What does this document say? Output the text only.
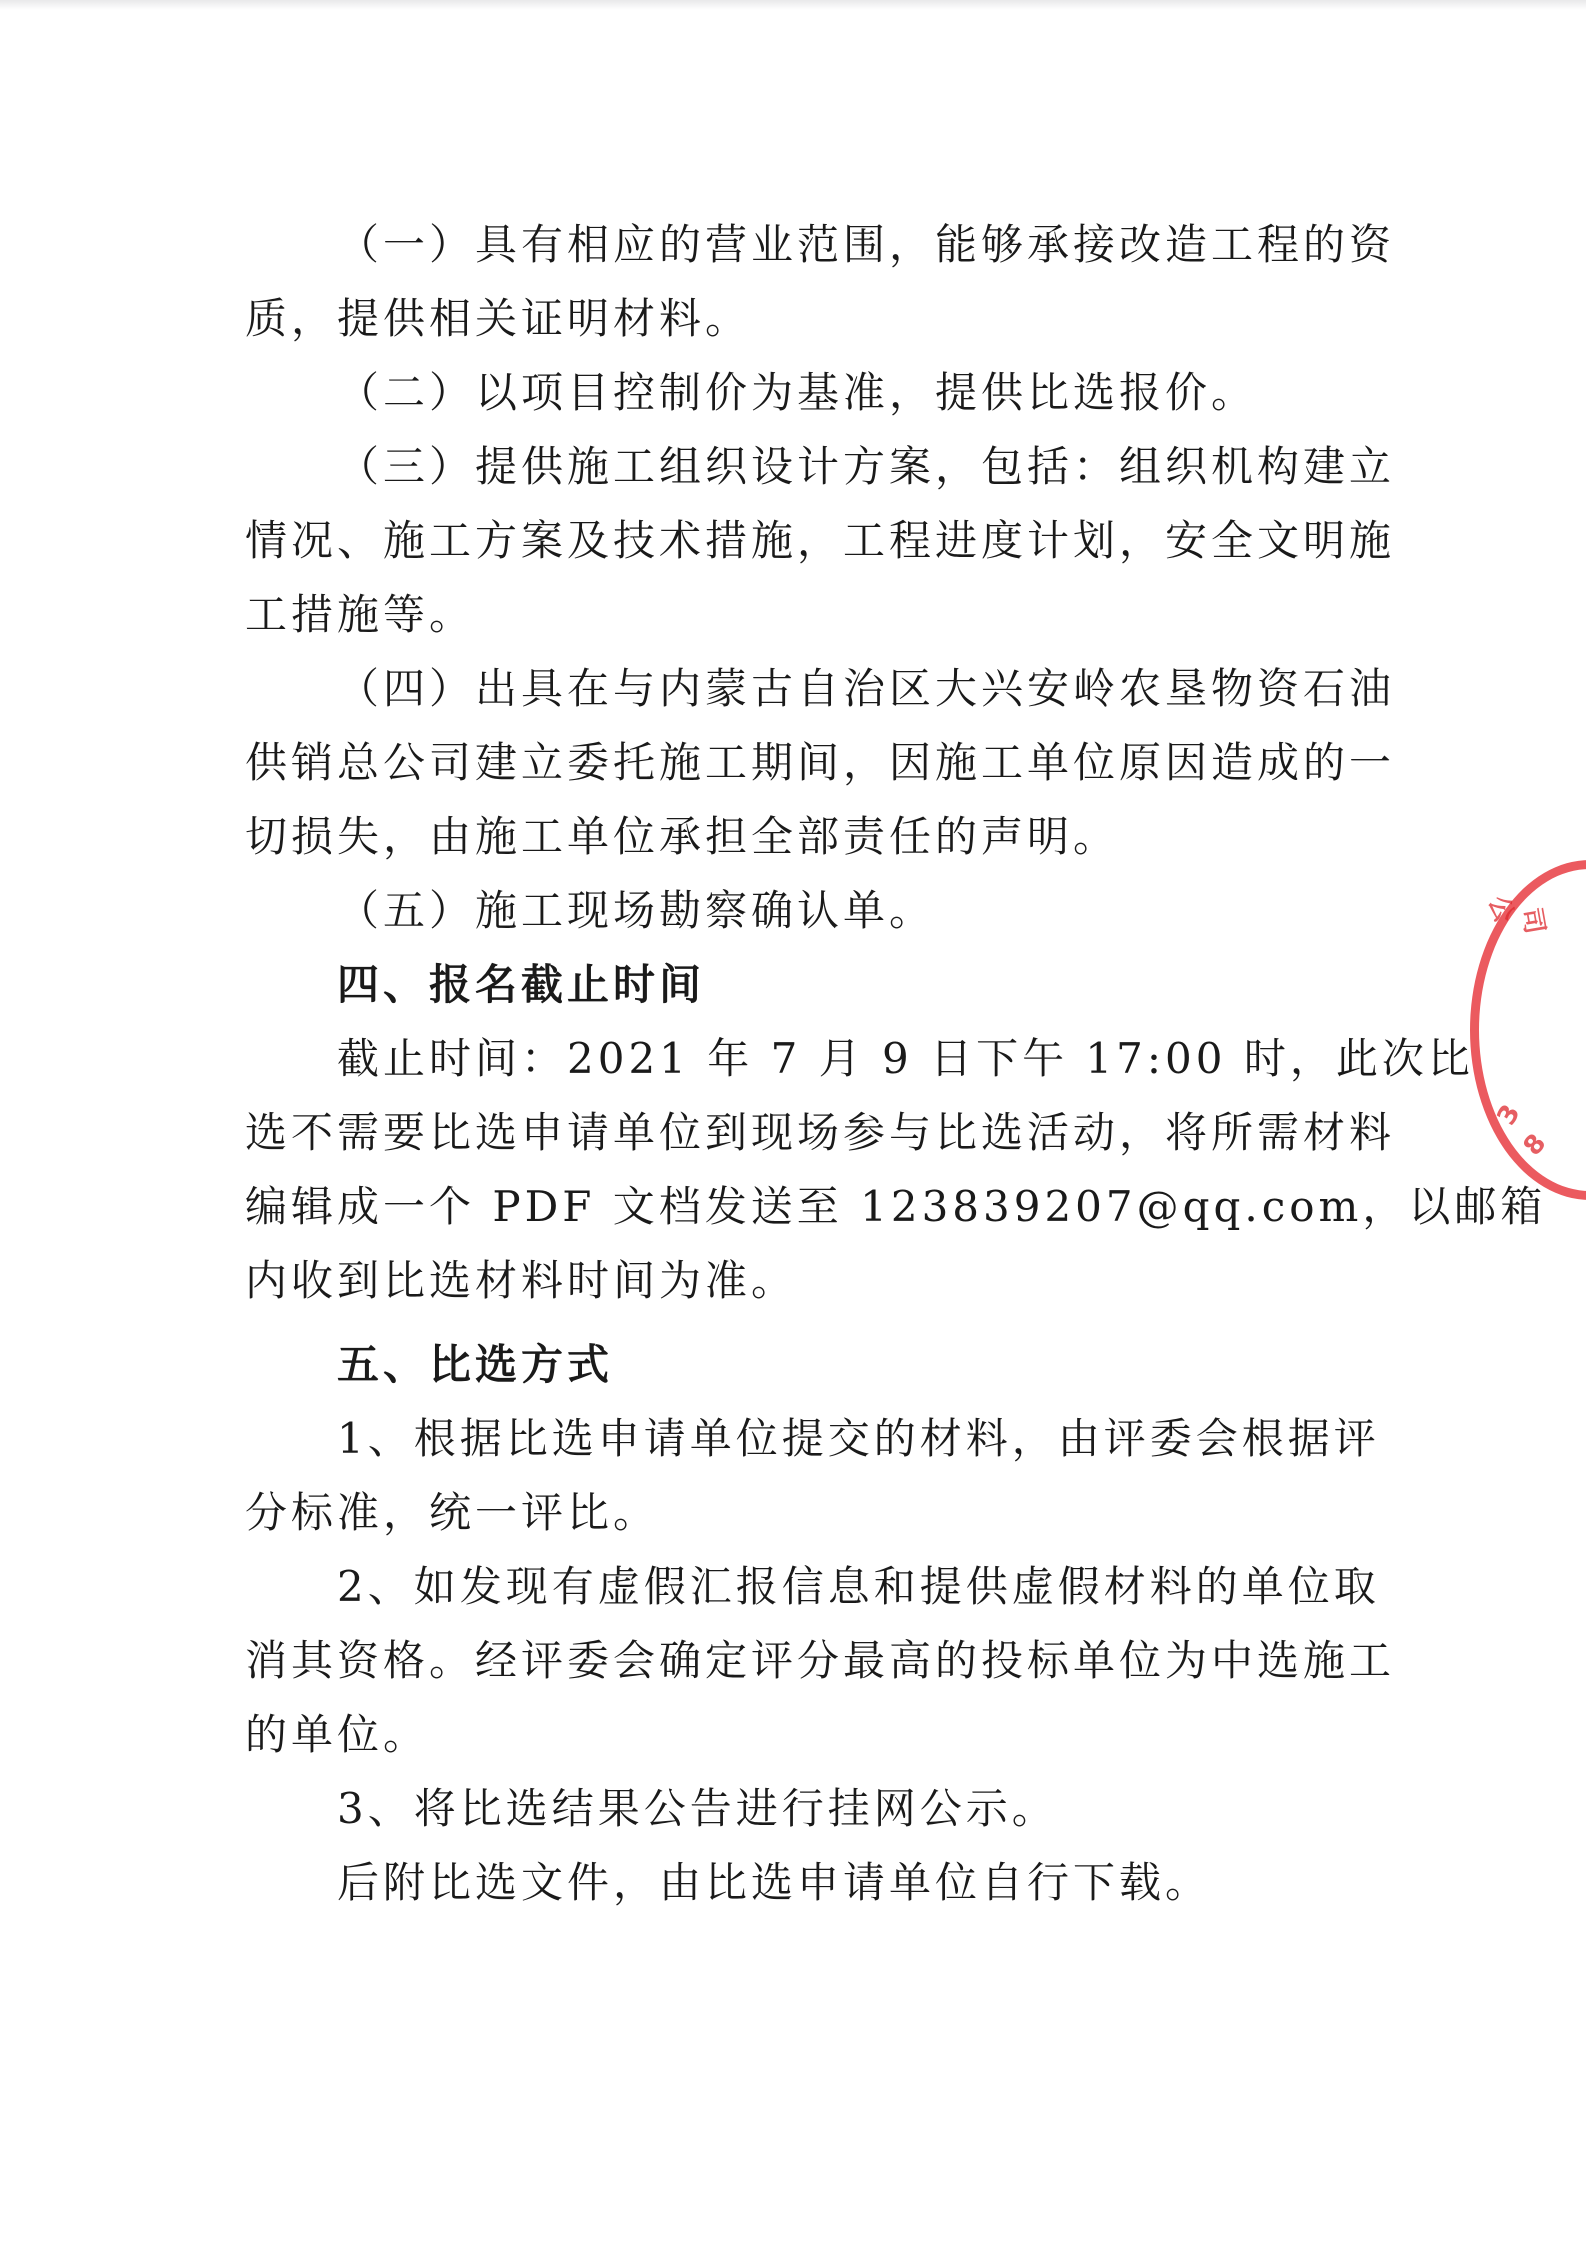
（一）具有相应的营业范围，能够承接改造工程的资

质，提供相关证明材料。

（二）以项目控制价为基准，提供比选报价。

（三）提供施工组织设计方案，包括：组织机构建立

情况、施工方案及技术措施，工程进度计划，安全文明施

工措施等。

（四）出具在与内蒙古自治区大兴安岭农垦物资石油

供销总公司建立委托施工期间，因施工单位原因造成的一

切损失，由施工单位承担全部责任的声明。

（五）施工现场勘察确认单。

四、报名截止时间

截止时间：2021 年 7 月 9 日下午 17:00 时，此次比

选不需要比选申请单位到现场参与比选活动，将所需材料

编辑成一个 PDF 文档发送至 123839207@qq.com，以邮箱

内收到比选材料时间为准。

五、比选方式

1、根据比选申请单位提交的材料，由评委会根据评

分标准，统一评比。

2、如发现有虚假汇报信息和提供虚假材料的单位取

消其资格。经评委会确定评分最高的投标单位为中选施工

的单位。

3、将比选结果公告进行挂网公示。

后附比选文件，由比选申请单位自行下载。

公
司
3
8
